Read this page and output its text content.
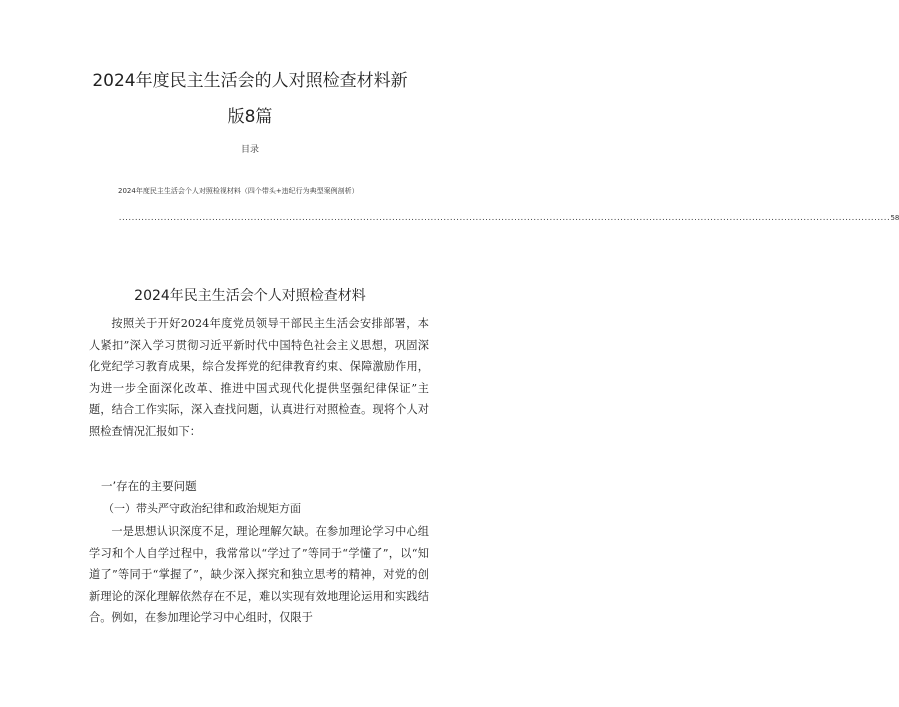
2024年度民主生活会的人对照检查材料新
版8篇
目录
2024年度民主生活会个人对照检视材料（四个带头+违纪行为典型案例剖析）
................................................................................................................................................................................................................................................ 58
2024年民主生活会个人对照检查材料

按照关于开好2024年度党员领导干部民主生活会安排部署，本人紧扣”深入学习贯彻习近平新时代中国特色社会主义思想，巩固深化党纪学习教育成果，综合发挥党的纪律教育约束、保障激励作用，为进一步全面深化改革、推进中国式现代化提供坚强纪律保证”主题，结合工作实际，深入查找问题，认真进行对照检查。现将个人对照检查情况汇报如下：

一’存在的主要问题
（一）带头严守政治纪律和政治规矩方面

一是思想认识深度不足，理论理解欠缺。在参加理论学习中心组学习和个人自学过程中，我常常以“学过了”等同于“学懂了”，以“知道了”等同于“掌握了”，缺少深入探究和独立思考的精神，对党的创新理论的深化理解依然存在不足，难以实现有效地理论运用和实践结合。例如，在参加理论学习中心组时，仅限于
